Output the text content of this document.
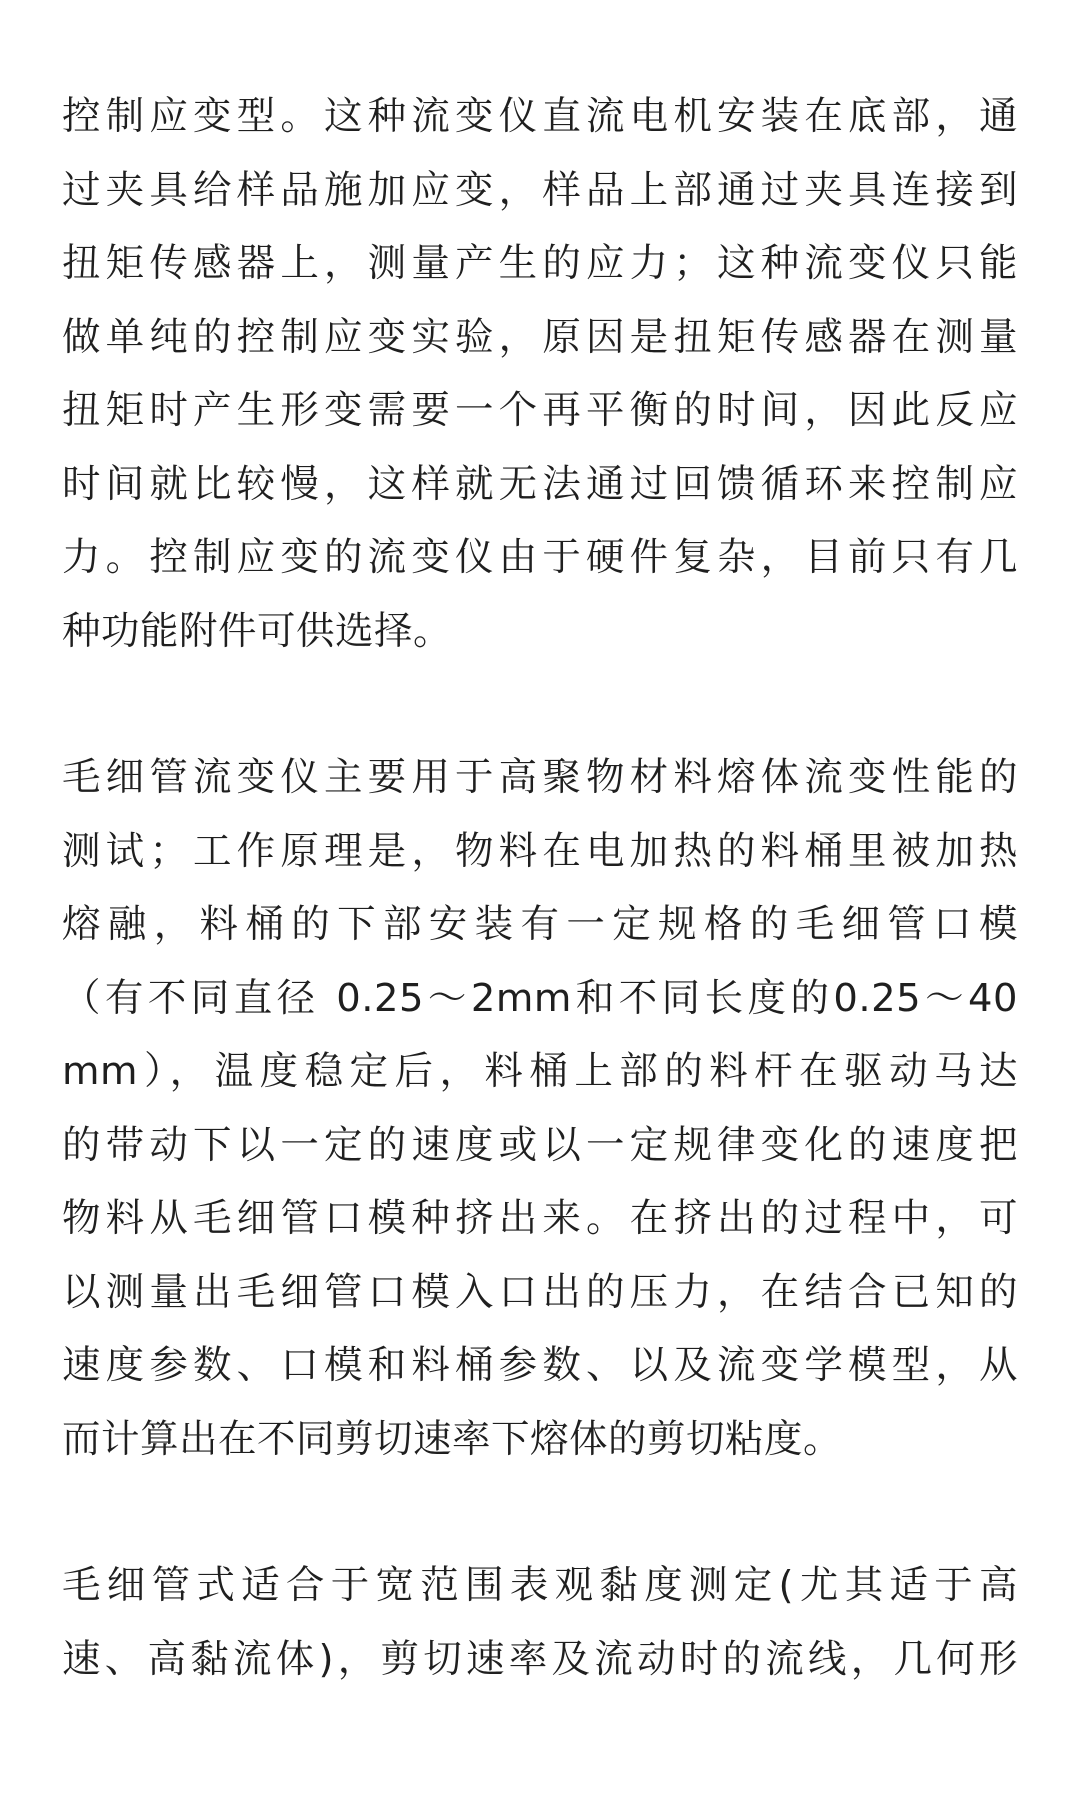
控制应变型。这种流变仪直流电机安装在底部，通
过夹具给样品施加应变，样品上部通过夹具连接到
扭矩传感器上，测量产生的应力；这种流变仪只能
做单纯的控制应变实验，原因是扭矩传感器在测量
扭矩时产生形变需要一个再平衡的时间，因此反应
时间就比较慢，这样就无法通过回馈循环来控制应
力。控制应变的流变仪由于硬件复杂，目前只有几
种功能附件可供选择。

毛细管流变仪主要用于高聚物材料熔体流变性能的
测试；工作原理是，物料在电加热的料桶里被加热
熔融，料桶的下部安装有一定规格的毛细管口模
（有不同直径 0.25～2mm和不同长度的0.25～40
mm），温度稳定后，料桶上部的料杆在驱动马达
的带动下以一定的速度或以一定规律变化的速度把
物料从毛细管口模种挤出来。在挤出的过程中，可
以测量出毛细管口模入口出的压力，在结合已知的
速度参数、口模和料桶参数、以及流变学模型，从
而计算出在不同剪切速率下熔体的剪切粘度。

毛细管式适合于宽范围表观黏度测定(尤其适于高
速、高黏流体)，剪切速率及流动时的流线，几何形
